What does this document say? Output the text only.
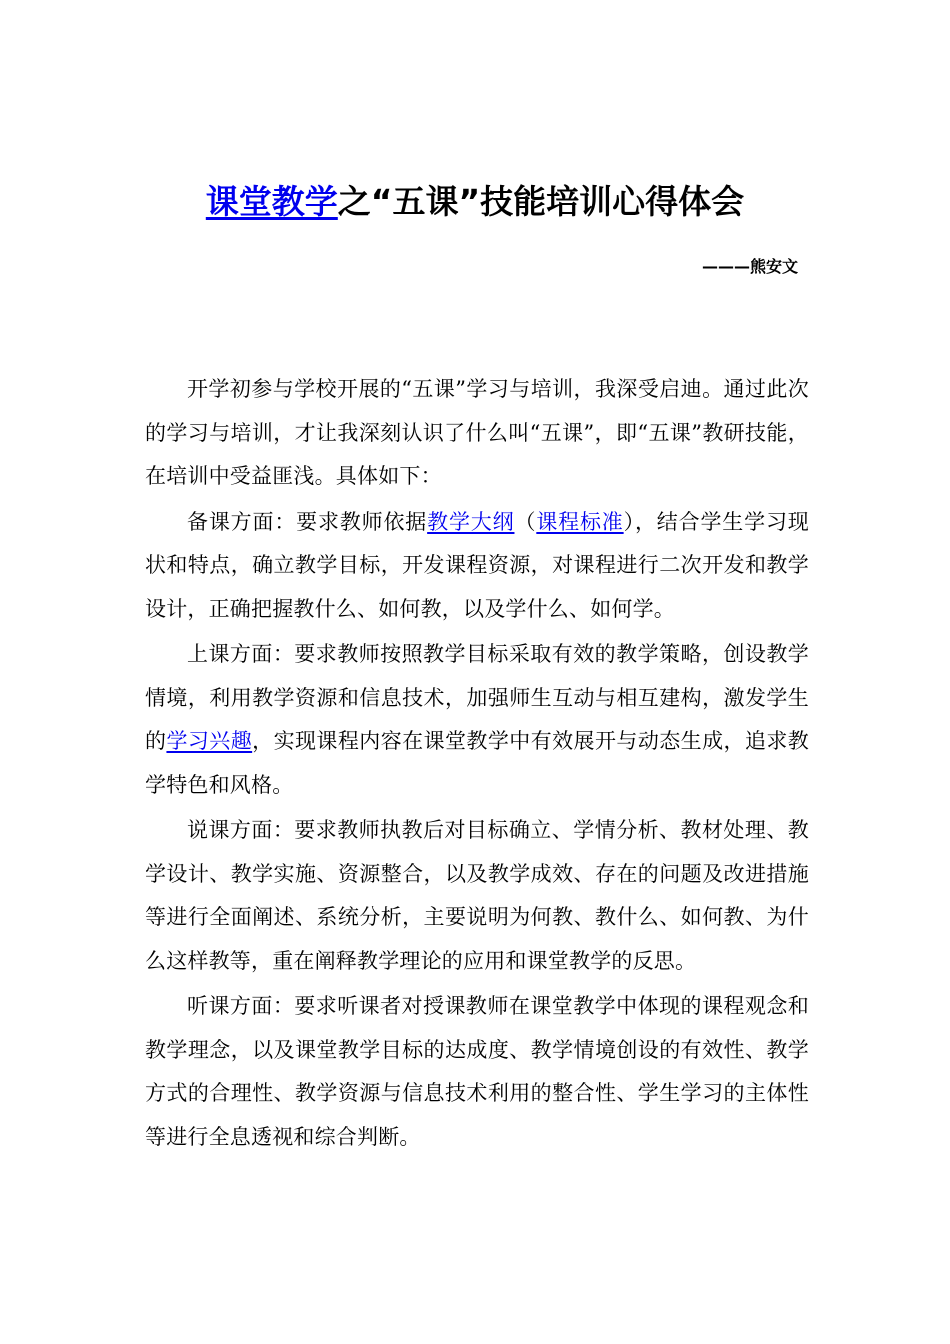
课堂教学之“五课”技能培训心得体会

———熊安文

开学初参与学校开展的“五课”学习与培训，我深受启迪。通过此次的学习与培训，才让我深刻认识了什么叫“五课”，即“五课”教研技能，在培训中受益匪浅。具体如下：

备课方面：要求教师依据教学大纲（课程标准），结合学生学习现状和特点，确立教学目标，开发课程资源，对课程进行二次开发和教学设计，正确把握教什么、如何教，以及学什么、如何学。

上课方面：要求教师按照教学目标采取有效的教学策略，创设教学情境，利用教学资源和信息技术，加强师生互动与相互建构，激发学生的学习兴趣，实现课程内容在课堂教学中有效展开与动态生成，追求教学特色和风格。

说课方面：要求教师执教后对目标确立、学情分析、教材处理、教学设计、教学实施、资源整合，以及教学成效、存在的问题及改进措施等进行全面阐述、系统分析，主要说明为何教、教什么、如何教、为什么这样教等，重在阐释教学理论的应用和课堂教学的反思。

听课方面：要求听课者对授课教师在课堂教学中体现的课程观念和教学理念，以及课堂教学目标的达成度、教学情境创设的有效性、教学方式的合理性、教学资源与信息技术利用的整合性、学生学习的主体性等进行全息透视和综合判断。
